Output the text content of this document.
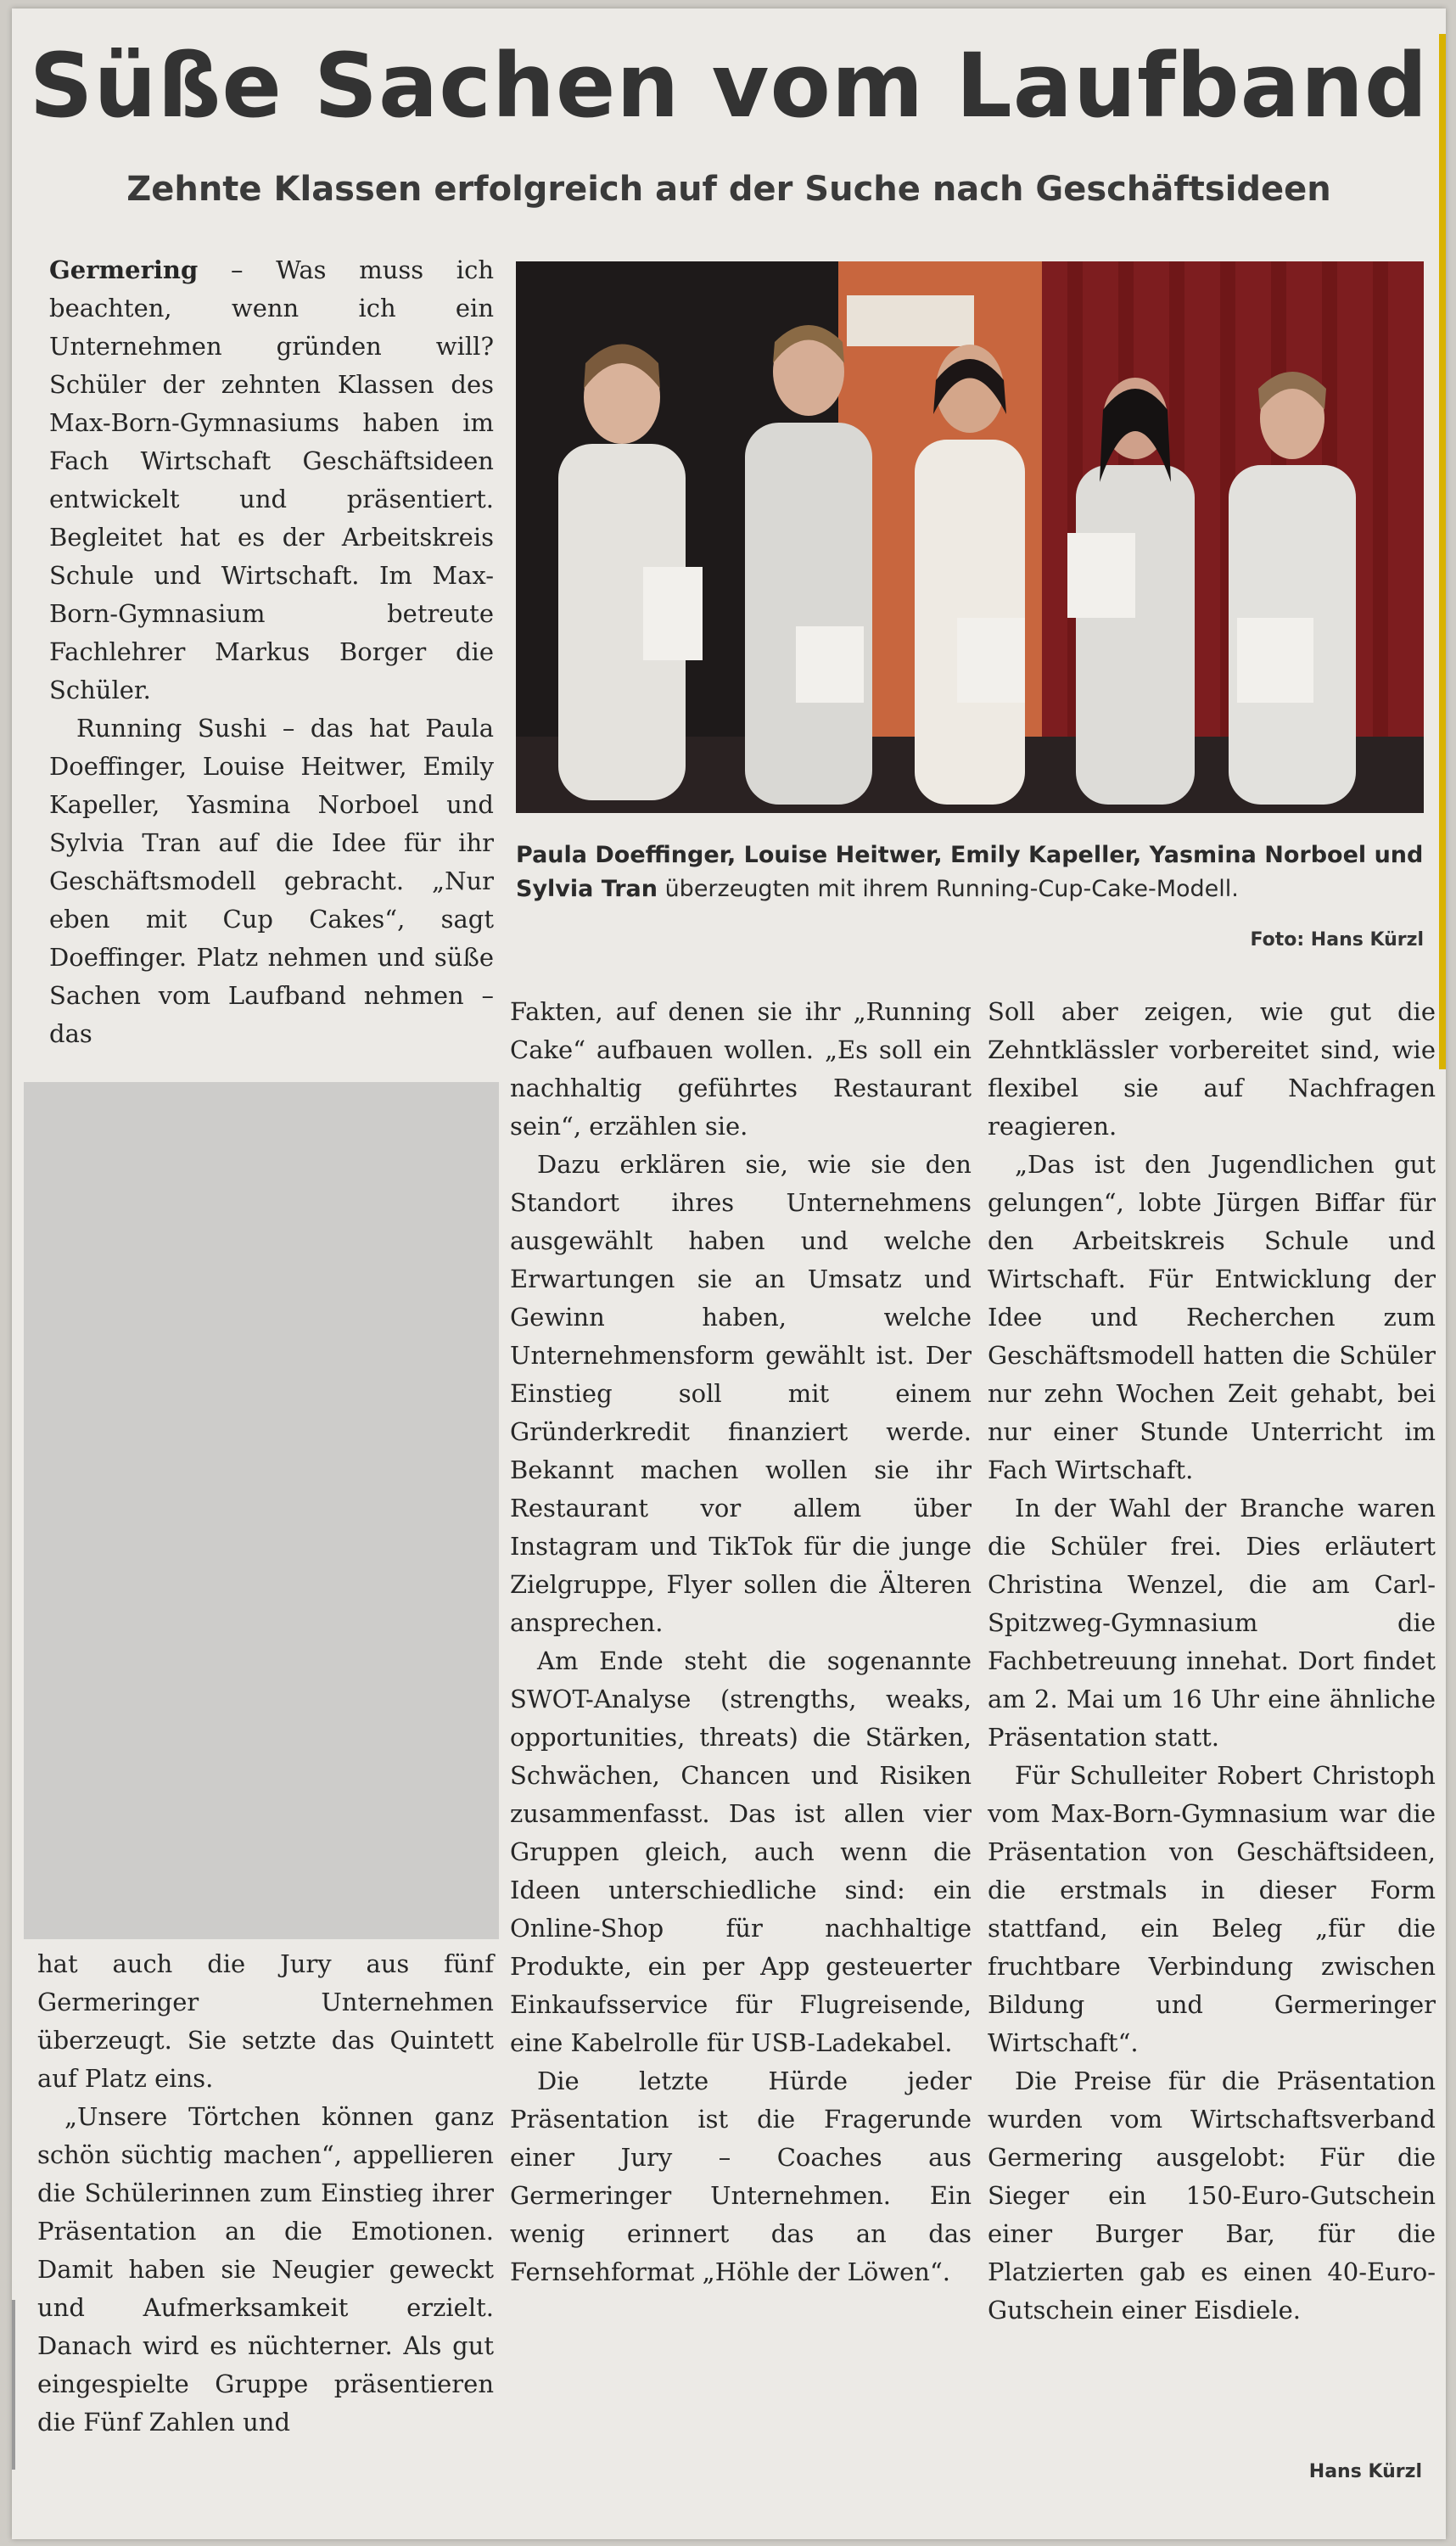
Süße Sachen vom Laufband
Zehnte Klassen erfolgreich auf der Suche nach Geschäftsideen

Germering – Was muss ich beachten, wenn ich ein Unternehmen gründen will? Schüler der zehnten Klassen des Max-Born-Gymnasiums haben im Fach Wirtschaft Geschäftsideen entwickelt und präsentiert. Begleitet hat es der Arbeitskreis Schule und Wirtschaft. Im Max-Born-Gymnasium betreute Fachlehrer Markus Borger die Schüler.

Running Sushi – das hat Paula Doeffinger, Louise Heitwer, Emily Kapeller, Yasmina Norboel und Sylvia Tran auf die Idee für ihr Geschäftsmodell gebracht. „Nur eben mit Cup Cakes“, sagt Doeffinger. Platz nehmen und süße Sachen vom Laufband nehmen – das

Paula Doeffinger, Louise Heitwer, Emily Kapeller, Yasmina Norboel und Sylvia Tran überzeugten mit ihrem Running-Cup-Cake-Modell.
Foto: Hans Kürzl

hat auch die Jury aus fünf Germeringer Unternehmen überzeugt. Sie setzte das Quintett auf Platz eins.

„Unsere Törtchen können ganz schön süchtig machen“, appellieren die Schülerinnen zum Einstieg ihrer Präsentation an die Emotionen. Damit haben sie Neugier geweckt und Aufmerksamkeit erzielt. Danach wird es nüchterner. Als gut eingespielte Gruppe präsentieren die Fünf Zahlen und

Fakten, auf denen sie ihr „Running Cake“ aufbauen wollen. „Es soll ein nachhaltig geführtes Restaurant sein“, erzählen sie.

Dazu erklären sie, wie sie den Standort ihres Unternehmens ausgewählt haben und welche Erwartungen sie an Umsatz und Gewinn haben, welche Unternehmensform gewählt ist. Der Einstieg soll mit einem Gründerkredit finanziert werde. Bekannt machen wollen sie ihr Restaurant vor allem über Instagram und TikTok für die junge Zielgruppe, Flyer sollen die Älteren ansprechen.

Am Ende steht die sogenannte SWOT-Analyse (strengths, weaks, opportunities, threats) die Stärken, Schwächen, Chancen und Risiken zusammenfasst. Das ist allen vier Gruppen gleich, auch wenn die Ideen unterschiedliche sind: ein Online-Shop für nachhaltige Produkte, ein per App gesteuerter Einkaufsservice für Flugreisende, eine Kabelrolle für USB-Ladekabel.

Die letzte Hürde jeder Präsentation ist die Fragerunde einer Jury – Coaches aus Germeringer Unternehmen. Ein wenig erinnert das an das Fernsehformat „Höhle der Löwen“.

Soll aber zeigen, wie gut die Zehntklässler vorbereitet sind, wie flexibel sie auf Nachfragen reagieren.

„Das ist den Jugendlichen gut gelungen“, lobte Jürgen Biffar für den Arbeitskreis Schule und Wirtschaft. Für Entwicklung der Idee und Recherchen zum Geschäftsmodell hatten die Schüler nur zehn Wochen Zeit gehabt, bei nur einer Stunde Unterricht im Fach Wirtschaft.

In der Wahl der Branche waren die Schüler frei. Dies erläutert Christina Wenzel, die am Carl-Spitzweg-Gymnasium die Fachbetreuung innehat. Dort findet am 2. Mai um 16 Uhr eine ähnliche Präsentation statt.

Für Schulleiter Robert Christoph vom Max-Born-Gymnasium war die Präsentation von Geschäftsideen, die erstmals in dieser Form stattfand, ein Beleg „für die fruchtbare Verbindung zwischen Bildung und Germeringer Wirtschaft“.

Die Preise für die Präsentation wurden vom Wirtschaftsverband Germering ausgelobt: Für die Sieger ein 150-Euro-Gutschein einer Burger Bar, für die Platzierten gab es einen 40-Euro-Gutschein einer Eisdiele.

Hans Kürzl
